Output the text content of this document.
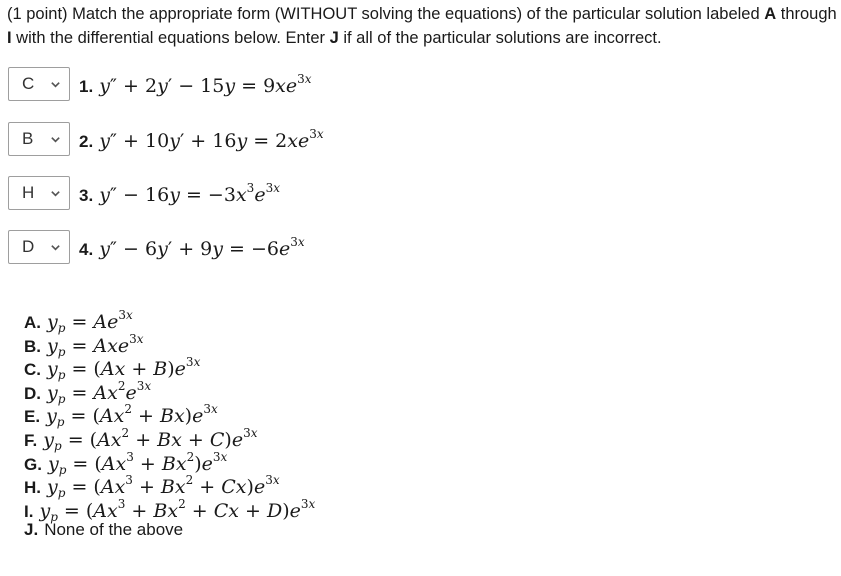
(1 point) Match the appropriate form (WITHOUT solving the equations) of the particular solution labeled A through I with the differential equations below. Enter J if all of the particular solutions are incorrect.
C	1. $y'' + 2y' - 15y = 9xe^{3x}$
B	2. $y'' + 10y' + 16y = 2xe^{3x}$
H	3. $y'' - 16y = -3x^3e^{3x}$
D	4. $y'' - 6y' + 9y = -6e^{3x}$
A. $y_p = Ae^{3x}$
B. $y_p = Axe^{3x}$
C. $y_p = (Ax + B)e^{3x}$
D. $y_p = Ax^2e^{3x}$
E. $y_p = (Ax^2 + Bx)e^{3x}$
F. $y_p = (Ax^2 + Bx + C)e^{3x}$
G. $y_p = (Ax^3 + Bx^2)e^{3x}$
H. $y_p = (Ax^3 + Bx^2 + Cx)e^{3x}$
I. $y_p = (Ax^3 + Bx^2 + Cx + D)e^{3x}$
J. None of the above
